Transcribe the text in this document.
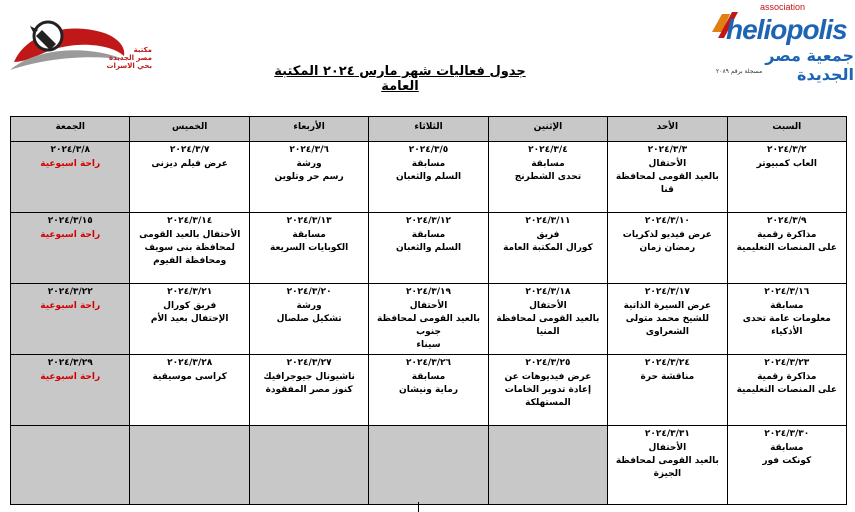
مكتبة
مصر الجديدة
بحي الاسرات
association
heliopolis
جمعية مصر الجديدة
مسجلة برقم ٢٠٨٩
جدول فعاليات شهر مارس ٢٠٢٤ المكتبة العامة
السبت	الأحد	الإثنين	الثلاثاء	الأربعاء	الخميس	الجمعة

٢٠٢٤/٣/٢
العاب كمبيوتر	٢٠٢٤/٣/٣
الأحتفال
بالعيد القومى لمحافظة قنا	٢٠٢٤/٣/٤
مسابقة
تحدى الشطرنج	٢٠٢٤/٣/٥
مسابقة
السلم والثعبان	٢٠٢٤/٣/٦
ورشة
رسم حر وتلوين	٢٠٢٤/٣/٧
عرض فيلم ديزنى	٢٠٢٤/٣/٨
راحة اسبوعية

٢٠٢٤/٣/٩
مذاكرة رقمية
على المنصات التعليمية	٢٠٢٤/٣/١٠
عرض فيديو لذكريات
رمضان زمان	٢٠٢٤/٣/١١
فريق
كورال المكتبة العامة	٢٠٢٤/٣/١٢
مسابقة
السلم والثعبان	٢٠٢٤/٣/١٣
مسابقة
الكوبايات السريعة	٢٠٢٤/٣/١٤
الأحتفال بالعيد القومى
لمحافظة بنى سويف
ومحافظة الفيوم	٢٠٢٤/٣/١٥
راحة اسبوعية

٢٠٢٤/٣/١٦
مسابقة
معلومات عامة تحدى
الأذكياء	٢٠٢٤/٣/١٧
عرض السيرة الذاتية
للشيخ محمد متولى
الشعراوى	٢٠٢٤/٣/١٨
الأحتفال
بالعيد القومى لمحافظة
المنيا	٢٠٢٤/٣/١٩
الأحتفال
بالعيد القومى لمحافظة جنوب
سيناء	٢٠٢٤/٣/٢٠
ورشة
تشكيل صلصال	٢٠٢٤/٣/٢١
فريق كورال
الإحتفال بعيد الأم	٢٠٢٤/٣/٢٢
راحة اسبوعية

٢٠٢٤/٣/٢٣
مذاكرة رقمية
على المنصات التعليمية	٢٠٢٤/٣/٢٤
مناقشة حرة	٢٠٢٤/٣/٢٥
عرض فيديوهات عن
إعادة تدوير الخامات
المستهلكة	٢٠٢٤/٣/٢٦
مسابقة
رماية ونيشان	٢٠٢٤/٣/٢٧
ناشيونال جيوجرافيك
كنوز مصر المفقودة	٢٠٢٤/٣/٢٨
كراسى موسيقية	٢٠٢٤/٣/٢٩
راحة اسبوعية

٢٠٢٤/٣/٣٠
مسابقة
كونكت فور	٢٠٢٤/٣/٣١
الأحتفال
بالعيد القومى لمحافظة
الجيزة					
